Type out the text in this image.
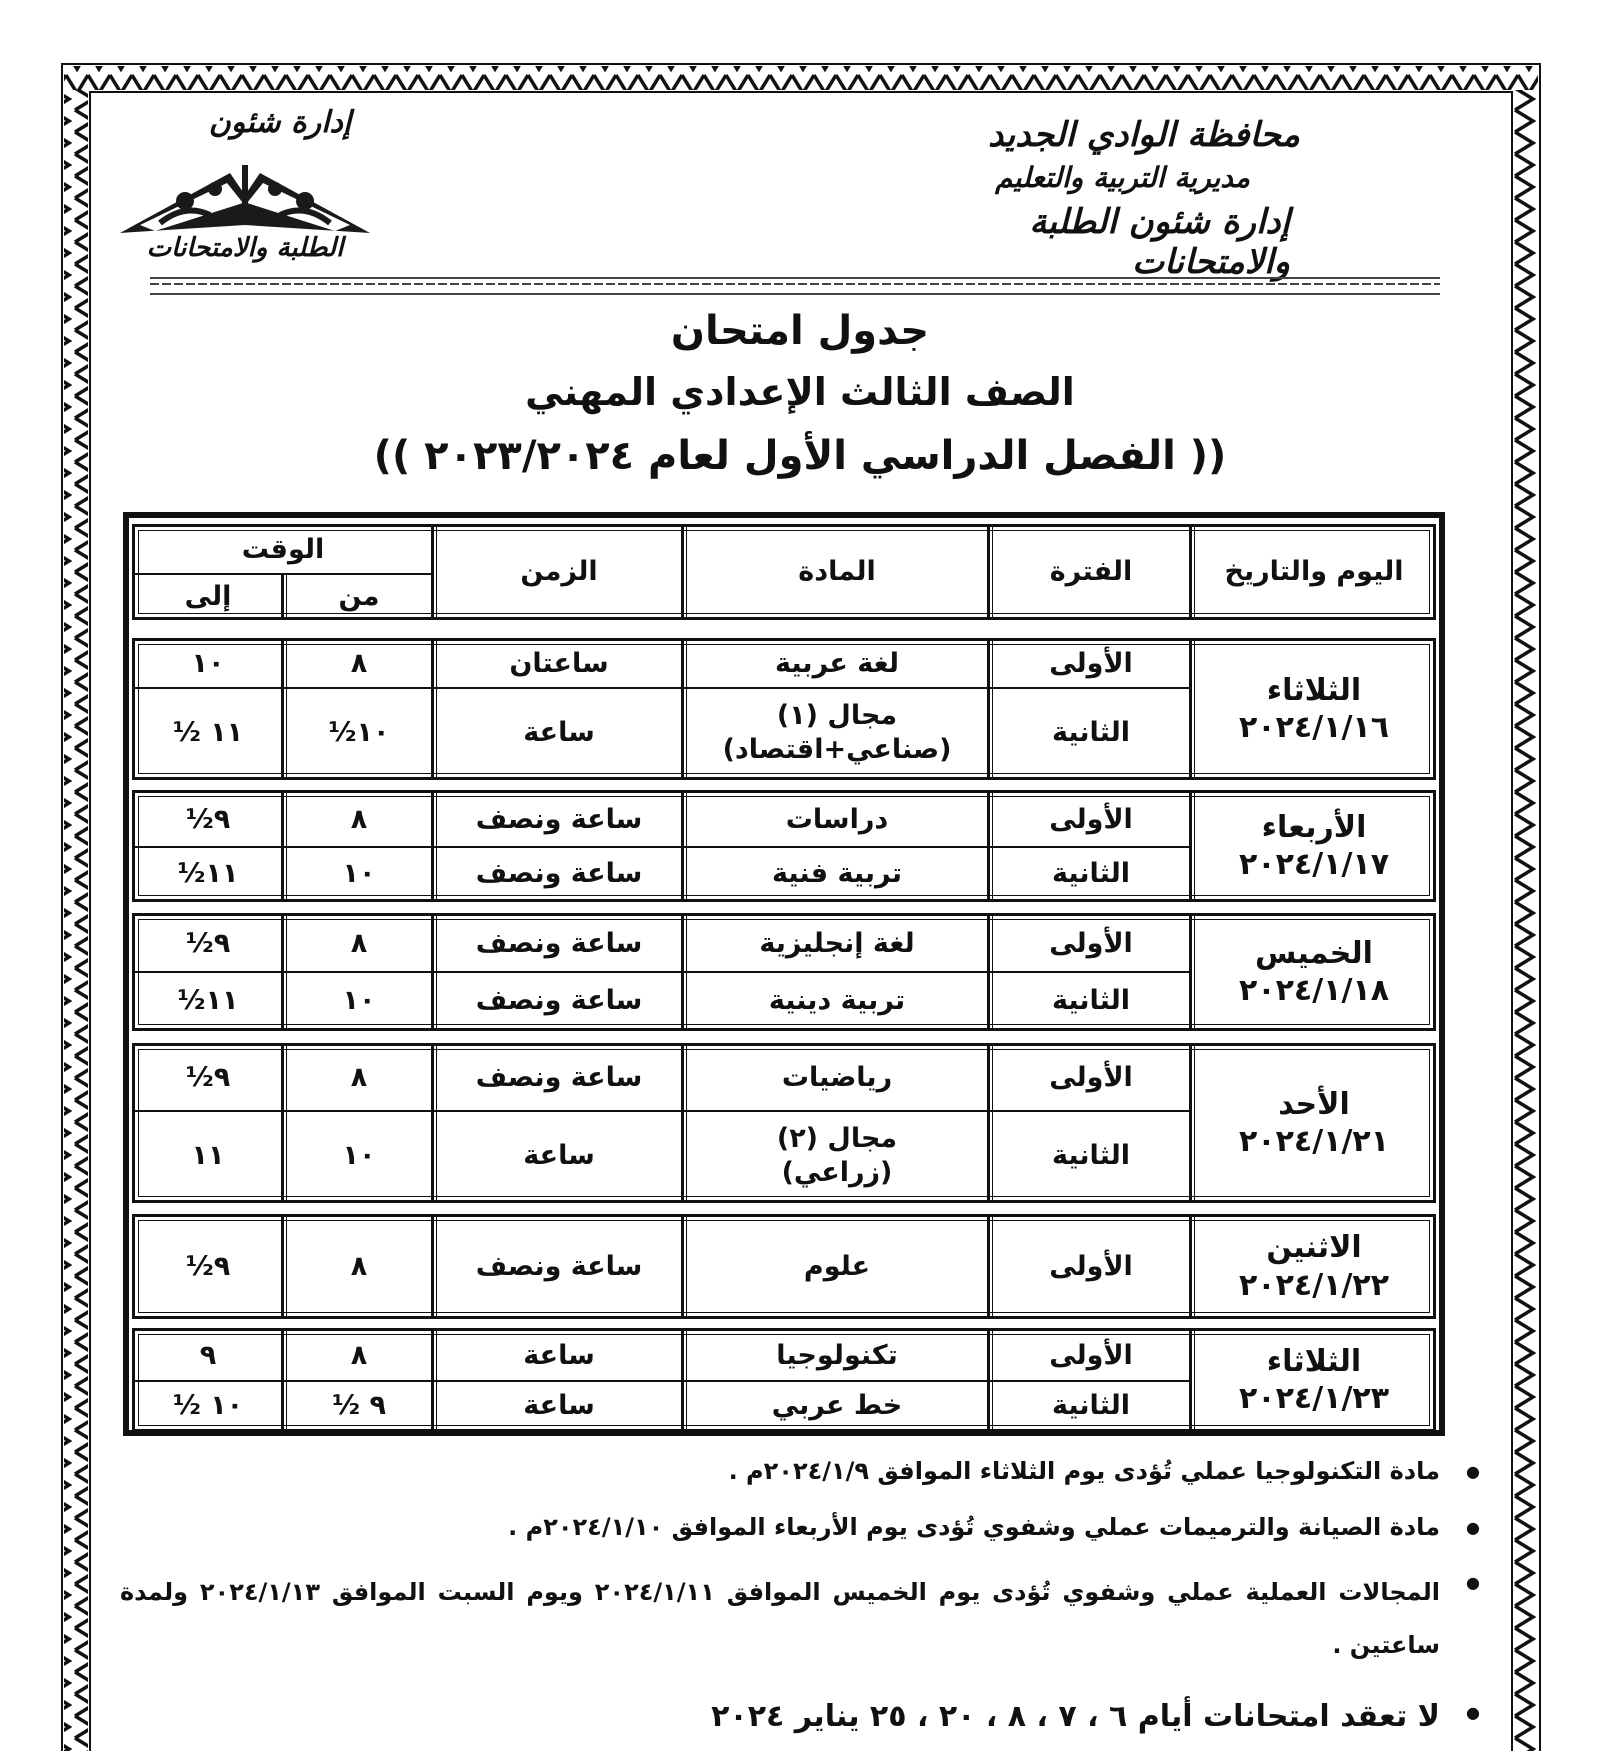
محافظة الوادي الجديد
مديرية التربية والتعليم
إدارة شئون الطلبة والامتحانات
إدارة شئون
الطلبة والامتحانات
جدول امتحان
الصف الثالث الإعدادي المهني
(( الفصل الدراسي الأول لعام ٢٠٢٣/٢٠٢٤ ))
اليوم والتاريخ
الفترة
المادة
الزمن
الوقت
من
إلى
الثلاثاء
٢٠٢٤/١/١٦
الأولى
لغة عربية
ساعتان
٨
١٠
الثانية
مجال (١) (صناعي+اقتصاد)
ساعة
١٠½
١١ ½
الأربعاء
٢٠٢٤/١/١٧
الأولى
دراسات
ساعة ونصف
٨
٩½
الثانية
تربية فنية
ساعة ونصف
١٠
١١½
الخميس
٢٠٢٤/١/١٨
الأولى
لغة إنجليزية
ساعة ونصف
٨
٩½
الثانية
تربية دينية
ساعة ونصف
١٠
١١½
الأحد
٢٠٢٤/١/٢١
الأولى
رياضيات
ساعة ونصف
٨
٩½
الثانية
مجال (٢) (زراعي)
ساعة
١٠
١١
الاثنين
٢٠٢٤/١/٢٢
الأولى
علوم
ساعة ونصف
٨
٩½
الثلاثاء
٢٠٢٤/١/٢٣
الأولى
تكنولوجيا
ساعة
٨
٩
الثانية
خط عربي
ساعة
٩ ½
١٠ ½
● مادة التكنولوجيا عملي تُؤدى يوم الثلاثاء الموافق ٢٠٢٤/١/٩م .
● مادة الصيانة والترميمات عملي وشفوي تُؤدى يوم الأربعاء الموافق ٢٠٢٤/١/١٠م .
● المجالات العملية عملي وشفوي تُؤدى يوم الخميس الموافق ٢٠٢٤/١/١١ ويوم السبت الموافق ٢٠٢٤/١/١٣ ولمدة ساعتين .
● لا تعقد امتحانات أيام ٦ ، ٧ ، ٨ ، ٢٠ ، ٢٥ يناير ٢٠٢٤
